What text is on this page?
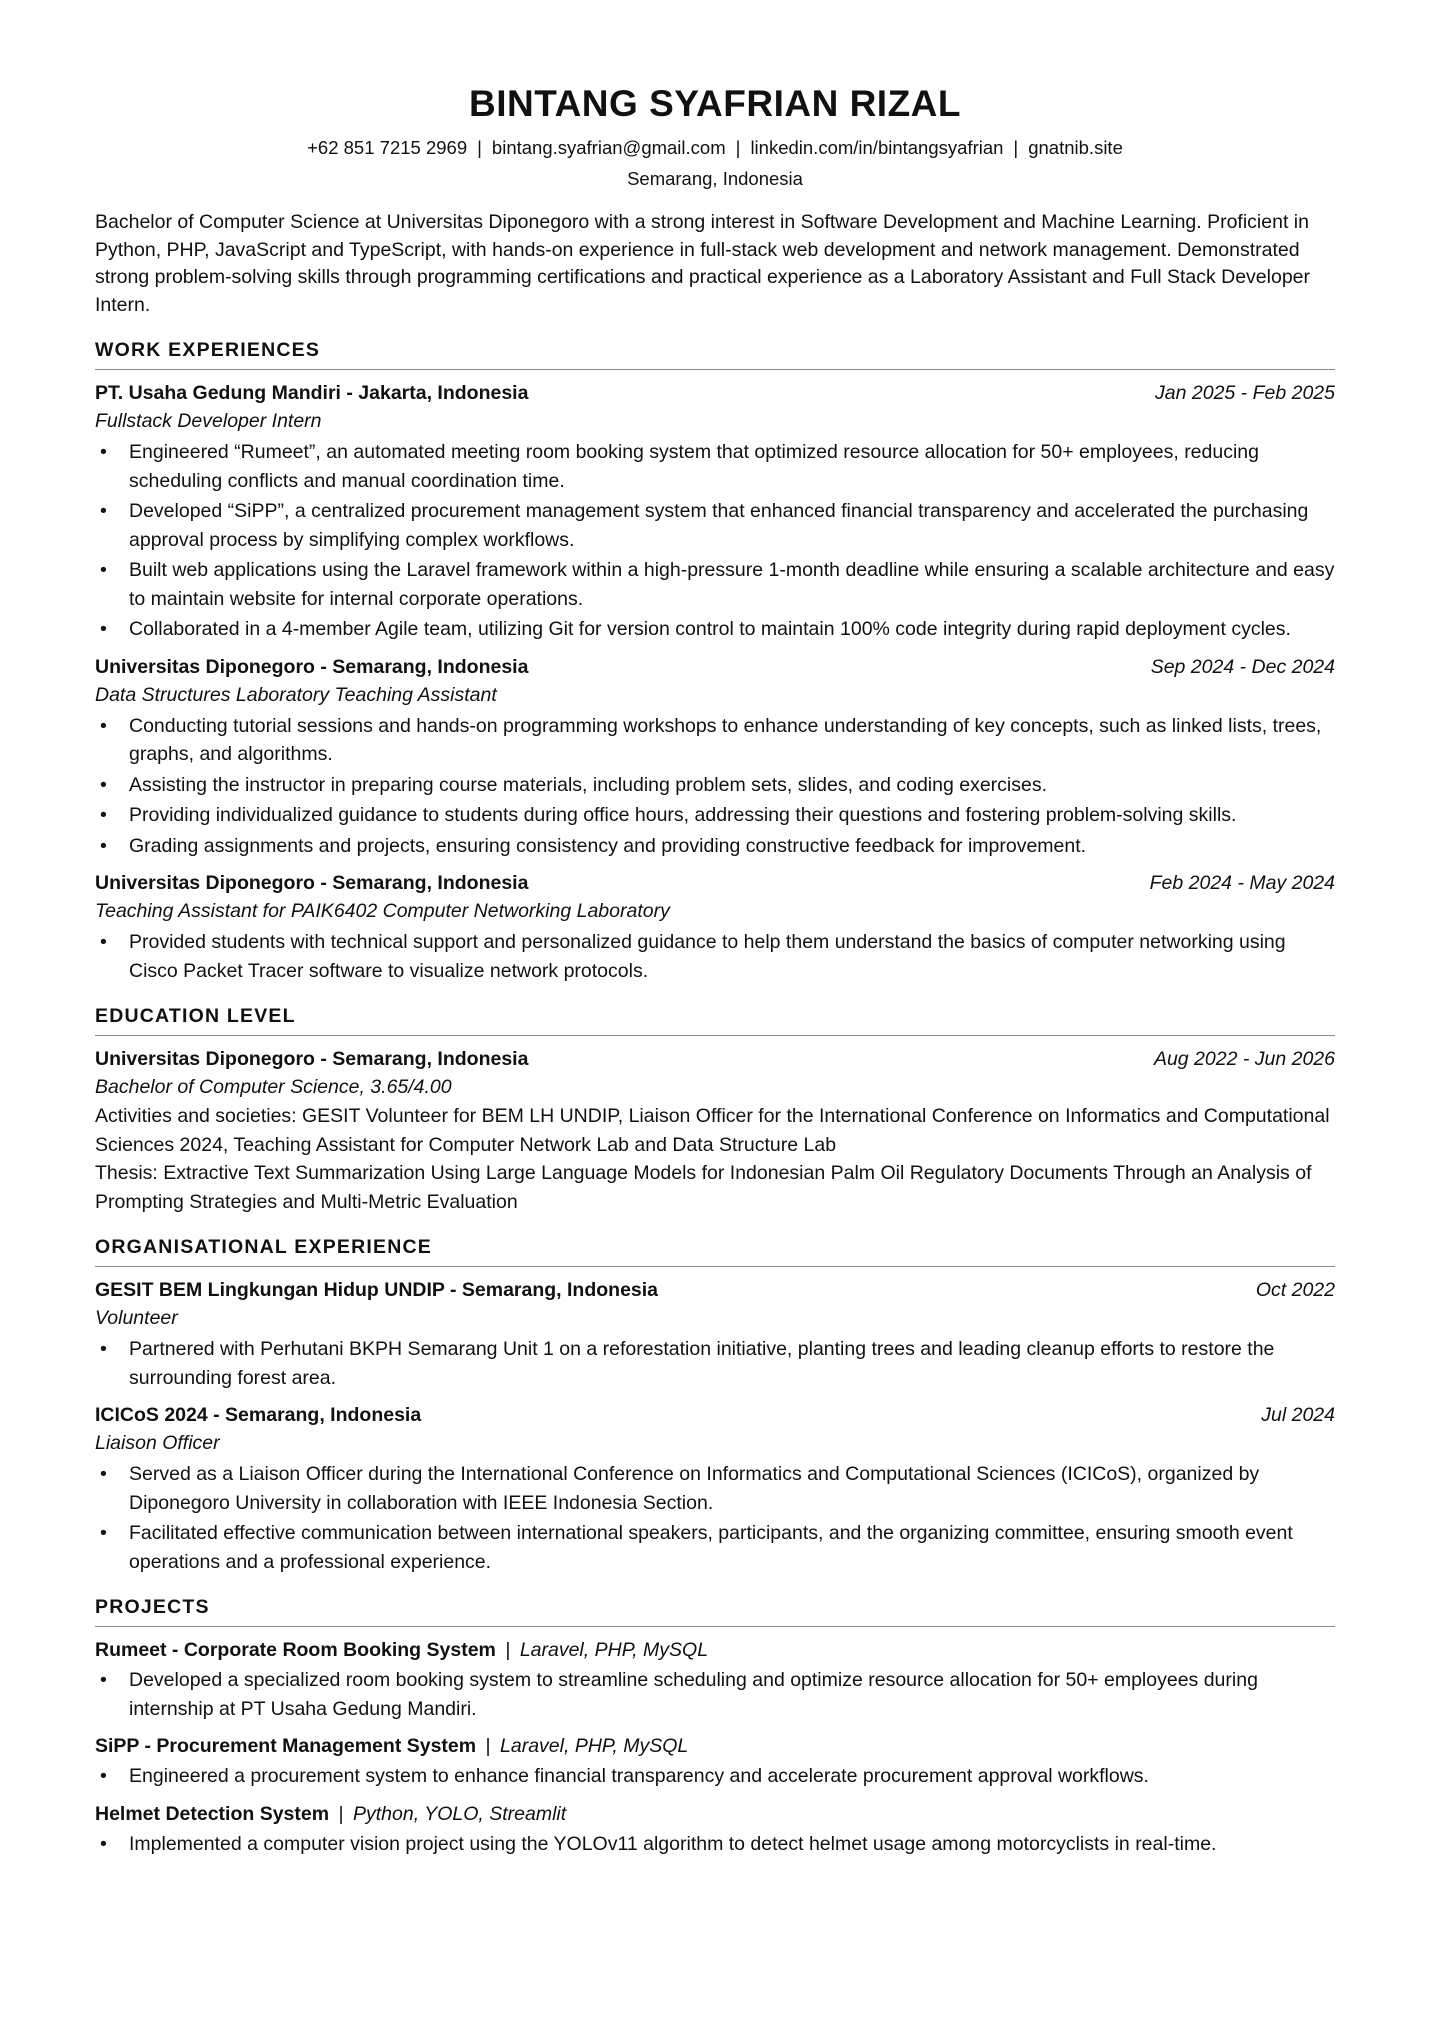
BINTANG SYAFRIAN RIZAL
+62 851 7215 2969 | bintang.syafrian@gmail.com | linkedin.com/in/bintangsyafrian | gnatnib.site
Semarang, Indonesia
Bachelor of Computer Science at Universitas Diponegoro with a strong interest in Software Development and Machine Learning. Proficient in Python, PHP, JavaScript and TypeScript, with hands-on experience in full-stack web development and network management. Demonstrated strong problem-solving skills through programming certifications and practical experience as a Laboratory Assistant and Full Stack Developer Intern.
WORK EXPERIENCES
PT. Usaha Gedung Mandiri - Jakarta, Indonesia	Jan 2025 - Feb 2025
Fullstack Developer Intern
• Engineered “Rumeet”, an automated meeting room booking system that optimized resource allocation for 50+ employees, reducing scheduling conflicts and manual coordination time.
• Developed “SiPP”, a centralized procurement management system that enhanced financial transparency and accelerated the purchasing approval process by simplifying complex workflows.
• Built web applications using the Laravel framework within a high-pressure 1-month deadline while ensuring a scalable architecture and easy to maintain website for internal corporate operations.
• Collaborated in a 4-member Agile team, utilizing Git for version control to maintain 100% code integrity during rapid deployment cycles.
Universitas Diponegoro - Semarang, Indonesia	Sep 2024 - Dec 2024
Data Structures Laboratory Teaching Assistant
• Conducting tutorial sessions and hands-on programming workshops to enhance understanding of key concepts, such as linked lists, trees, graphs, and algorithms.
• Assisting the instructor in preparing course materials, including problem sets, slides, and coding exercises.
• Providing individualized guidance to students during office hours, addressing their questions and fostering problem-solving skills.
• Grading assignments and projects, ensuring consistency and providing constructive feedback for improvement.
Universitas Diponegoro - Semarang, Indonesia	Feb 2024 - May 2024
Teaching Assistant for PAIK6402 Computer Networking Laboratory
• Provided students with technical support and personalized guidance to help them understand the basics of computer networking using Cisco Packet Tracer software to visualize network protocols.
EDUCATION LEVEL
Universitas Diponegoro - Semarang, Indonesia	Aug 2022 - Jun 2026
Bachelor of Computer Science, 3.65/4.00
Activities and societies: GESIT Volunteer for BEM LH UNDIP, Liaison Officer for the International Conference on Informatics and Computational Sciences 2024, Teaching Assistant for Computer Network Lab and Data Structure Lab
Thesis: Extractive Text Summarization Using Large Language Models for Indonesian Palm Oil Regulatory Documents Through an Analysis of Prompting Strategies and Multi-Metric Evaluation
ORGANISATIONAL EXPERIENCE
GESIT BEM Lingkungan Hidup UNDIP - Semarang, Indonesia	Oct 2022
Volunteer
• Partnered with Perhutani BKPH Semarang Unit 1 on a reforestation initiative, planting trees and leading cleanup efforts to restore the surrounding forest area.
ICICoS 2024 - Semarang, Indonesia	Jul 2024
Liaison Officer
• Served as a Liaison Officer during the International Conference on Informatics and Computational Sciences (ICICoS), organized by Diponegoro University in collaboration with IEEE Indonesia Section.
• Facilitated effective communication between international speakers, participants, and the organizing committee, ensuring smooth event operations and a professional experience.
PROJECTS
Rumeet - Corporate Room Booking System | Laravel, PHP, MySQL
• Developed a specialized room booking system to streamline scheduling and optimize resource allocation for 50+ employees during internship at PT Usaha Gedung Mandiri.
SiPP - Procurement Management System | Laravel, PHP, MySQL
• Engineered a procurement system to enhance financial transparency and accelerate procurement approval workflows.
Helmet Detection System | Python, YOLO, Streamlit
• Implemented a computer vision project using the YOLOv11 algorithm to detect helmet usage among motorcyclists in real-time.
